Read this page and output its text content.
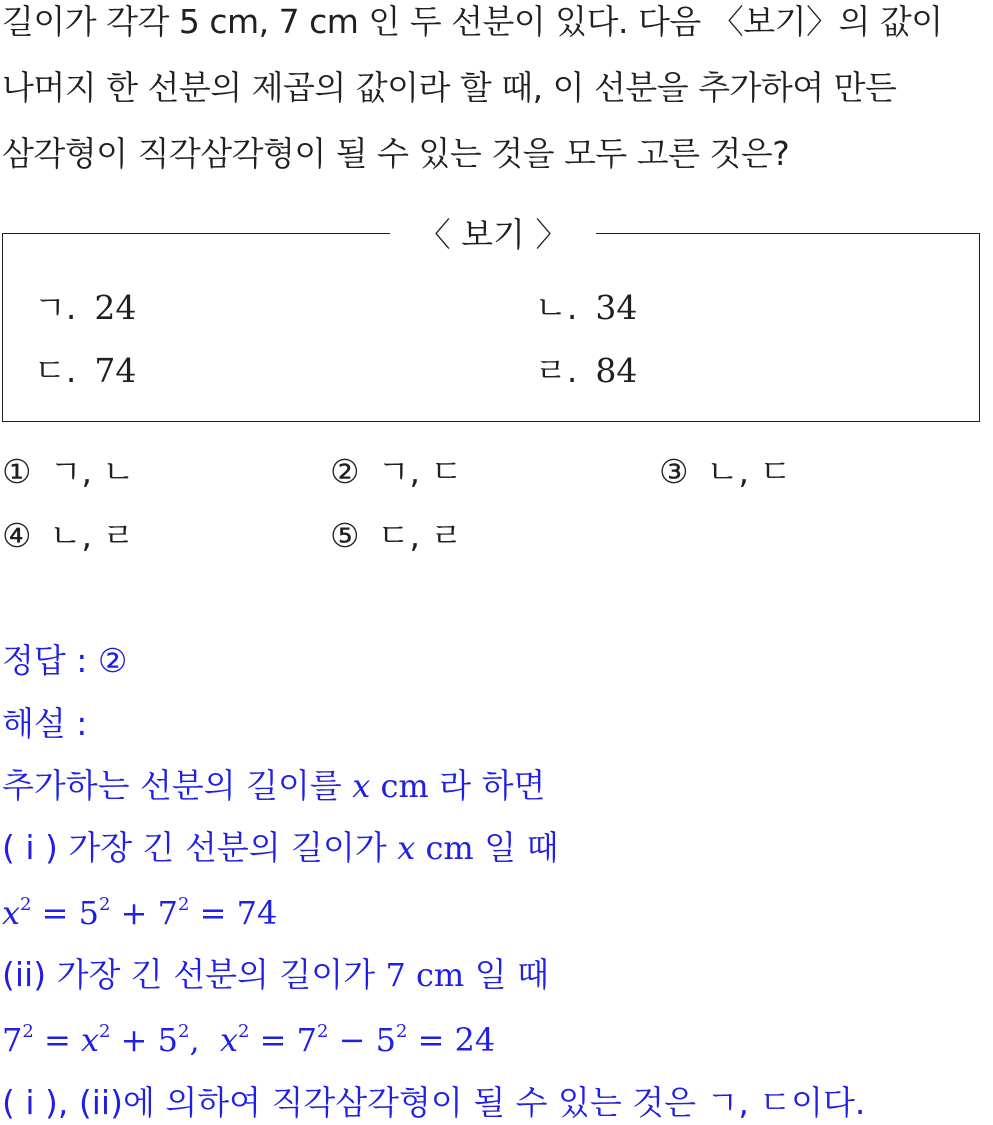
길이가 각각 5 cm, 7 cm 인 두 선분이 있다. 다음 〈보기〉의 값이
나머지 한 선분의 제곱의 값이라 할 때, 이 선분을 추가하여 만든
삼각형이 직각삼각형이 될 수 있는 것을 모두 고른 것은?
〈 보기 〉
ㄱ. 24	ㄴ. 34
ㄷ. 74	ㄹ. 84
① ㄱ, ㄴ	② ㄱ, ㄷ	③ ㄴ, ㄷ
④ ㄴ, ㄹ	⑤ ㄷ, ㄹ
정답 : ②
해설 :
추가하는 선분의 길이를 x cm 라 하면
( i ) 가장 긴 선분의 길이가 x cm 일 때
$x^2 = 5^2 + 7^2 = 74$
(ii) 가장 긴 선분의 길이가 7 cm 일 때
$7^2 = x^2 + 5^2$, $x^2 = 7^2 - 5^2 = 24$
( i ), (ii)에 의하여 직각삼각형이 될 수 있는 것은 ㄱ, ㄷ이다.
